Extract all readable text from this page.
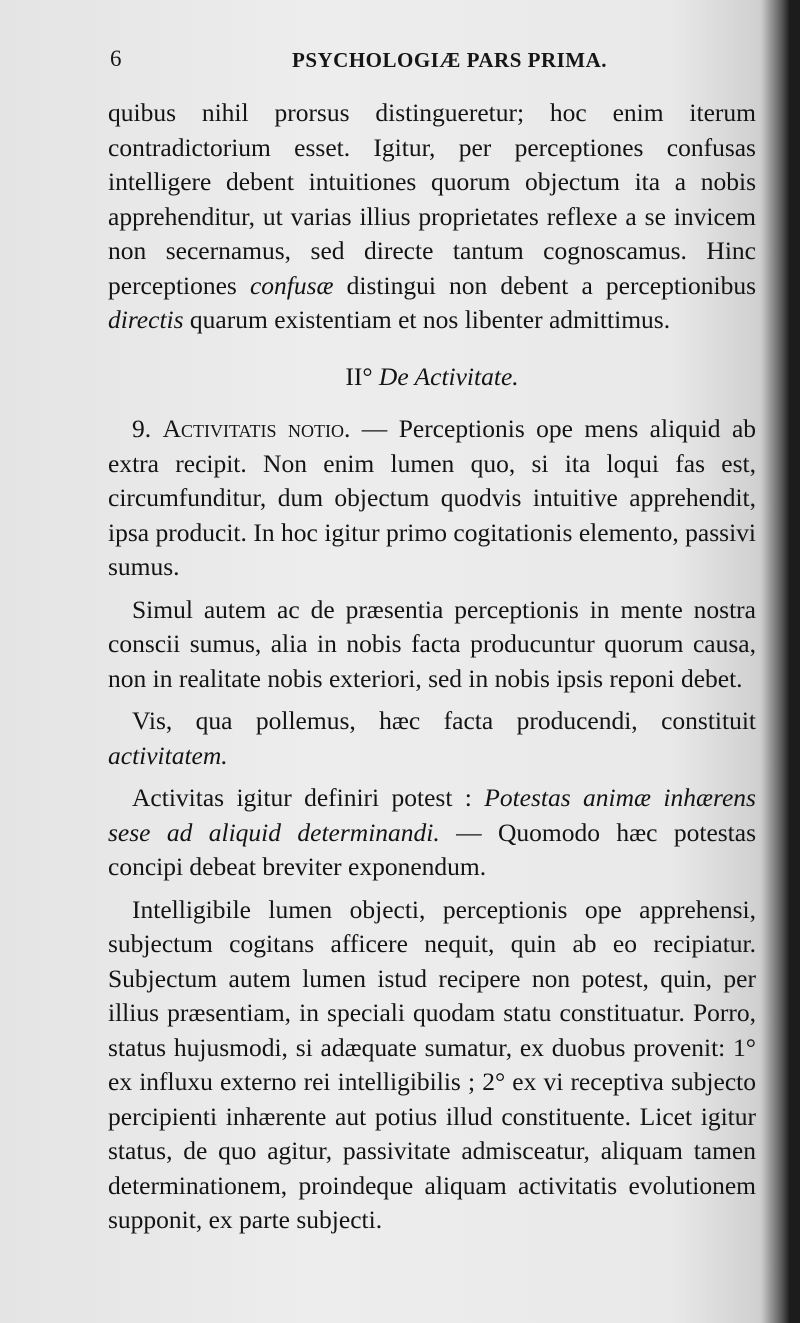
6	PSYCHOLOGIÆ PARS PRIMA.

quibus nihil prorsus distingueretur; hoc enim iterum contradictorium esset. Igitur, per perceptiones confusas intelligere debent intuitiones quorum objectum ita a nobis apprehenditur, ut varias illius proprietates reflexe a se invicem non secernamus, sed directe tantum cognoscamus. Hinc perceptiones confusæ distingui non debent a perceptionibus directis quarum existentiam et nos libenter admittimus.

II° De Activitate.

9. Activitatis notio. — Perceptionis ope mens aliquid ab extra recipit. Non enim lumen quo, si ita loqui fas est, circumfunditur, dum objectum quodvis intuitive apprehendit, ipsa producit. In hoc igitur primo cogitationis elemento, passivi sumus.

Simul autem ac de præsentia perceptionis in mente nostra conscii sumus, alia in nobis facta producuntur quorum causa, non in realitate nobis exteriori, sed in nobis ipsis reponi debet.

Vis, qua pollemus, hæc facta producendi, constituit activitatem.

Activitas igitur definiri potest : Potestas animæ inhærens sese ad aliquid determinandi. — Quomodo hæc potestas concipi debeat breviter exponendum.

Intelligibile lumen objecti, perceptionis ope apprehensi, subjectum cogitans afficere nequit, quin ab eo recipiatur. Subjectum autem lumen istud recipere non potest, quin, per illius præsentiam, in speciali quodam statu constituatur. Porro, status hujusmodi, si adæquate sumatur, ex duobus provenit: 1° ex influxu externo rei intelligibilis ; 2° ex vi receptiva subjecto percipienti inhærente aut potius illud constituente. Licet igitur status, de quo agitur, passivitate admisceatur, aliquam tamen determinationem, proindeque aliquam activitatis evolutionem supponit, ex parte subjecti.
